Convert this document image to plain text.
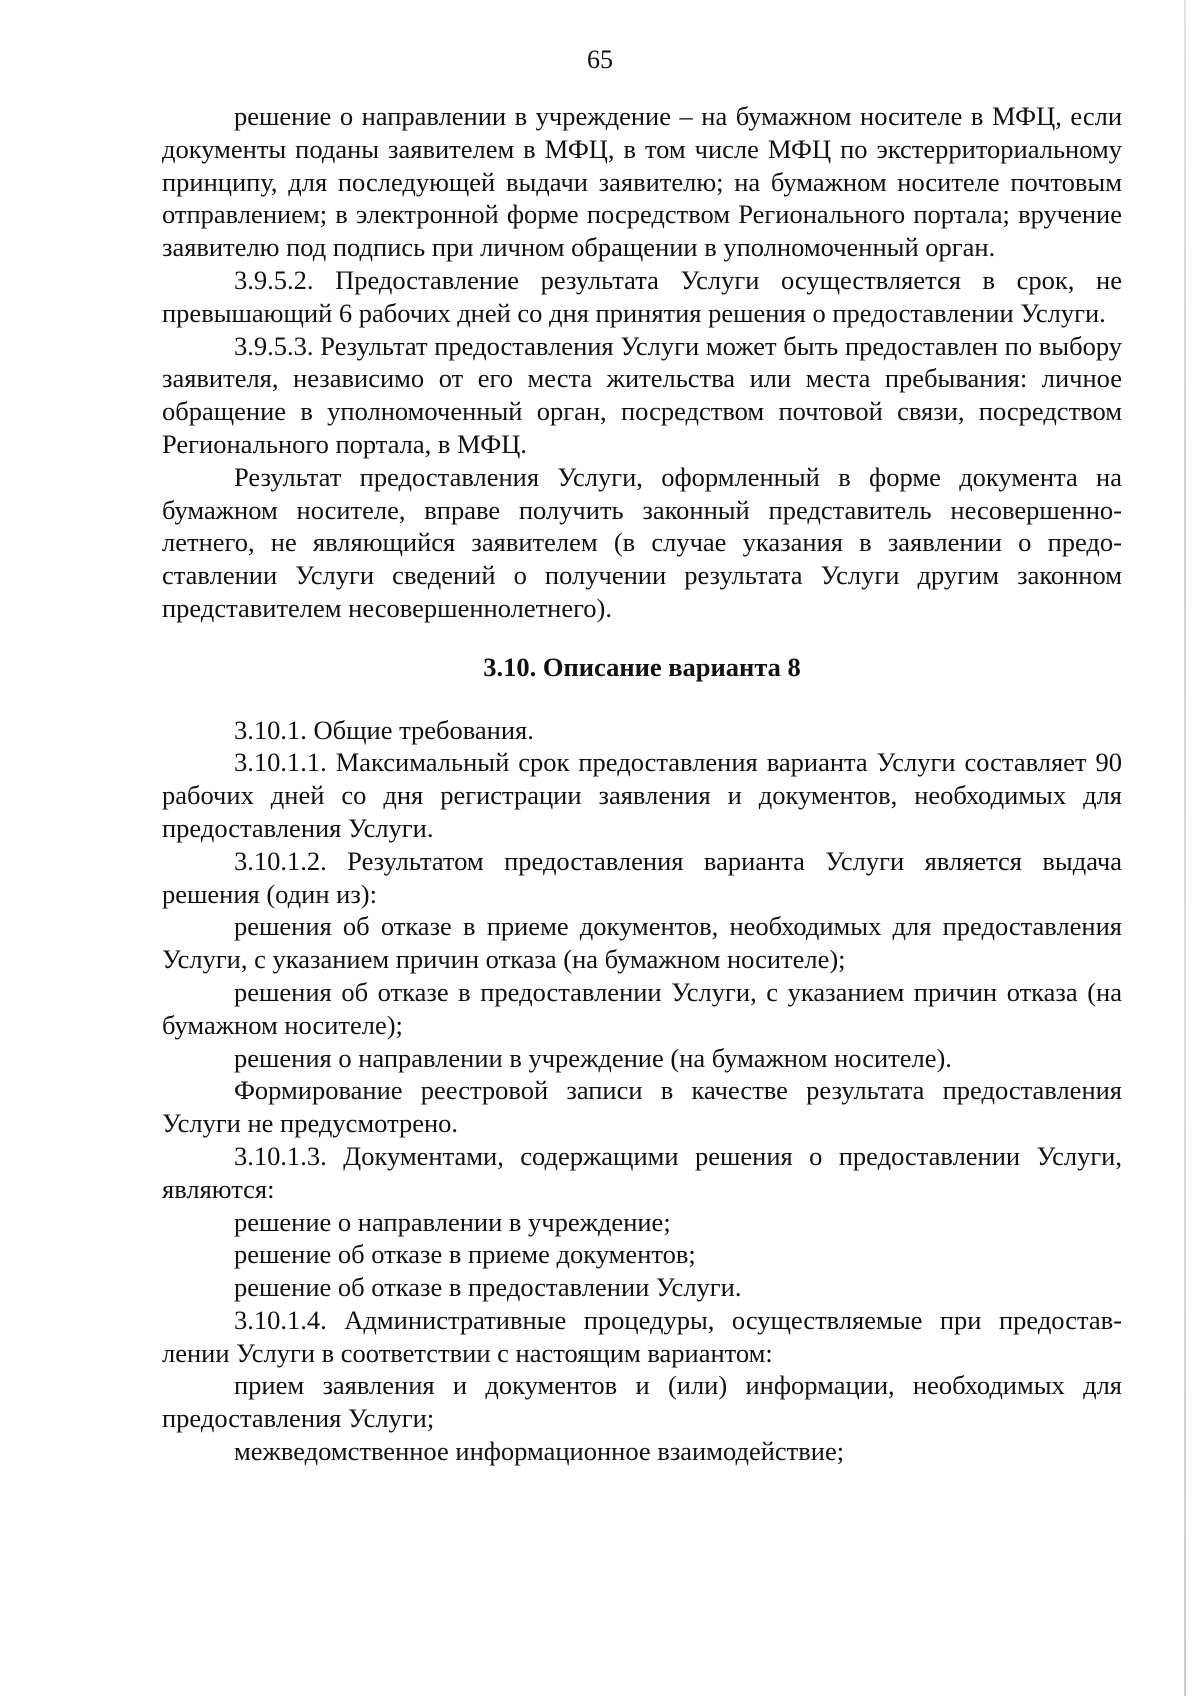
65

решение о направлении в учреждение – на бумажном носителе в МФЦ, если документы поданы заявителем в МФЦ, в том числе МФЦ по экстерриториальному принципу, для последующей выдачи заявителю; на бумажном носителе почтовым отправлением; в электронной форме посредством Регионального портала; вручение заявителю под подпись при личном обращении в уполномоченный орган.

3.9.5.2. Предоставление результата Услуги осуществляется в срок, не превышающий 6 рабочих дней со дня принятия решения о предоставлении Услуги.

3.9.5.3. Результат предоставления Услуги может быть предоставлен по выбору заявителя, независимо от его места жительства или места пребывания: личное обращение в уполномоченный орган, посредством почтовой связи, посредством Регионального портала, в МФЦ.

Результат предоставления Услуги, оформленный в форме документа на бумажном носителе, вправе получить законный представитель несовершеннолетнего, не являющийся заявителем (в случае указания в заявлении о предоставлении Услуги сведений о получении результата Услуги другим законном представителем несовершеннолетнего).

3.10. Описание варианта 8

3.10.1. Общие требования.

3.10.1.1. Максимальный срок предоставления варианта Услуги составляет 90 рабочих дней со дня регистрации заявления и документов, необходимых для предоставления Услуги.

3.10.1.2. Результатом предоставления варианта Услуги является выдача решения (один из):

решения об отказе в приеме документов, необходимых для предоставления Услуги, с указанием причин отказа (на бумажном носителе);

решения об отказе в предоставлении Услуги, с указанием причин отказа (на бумажном носителе);

решения о направлении в учреждение (на бумажном носителе).

Формирование реестровой записи в качестве результата предоставления Услуги не предусмотрено.

3.10.1.3. Документами, содержащими решения о предоставлении Услуги, являются:

решение о направлении в учреждение;

решение об отказе в приеме документов;

решение об отказе в предоставлении Услуги.

3.10.1.4. Административные процедуры, осуществляемые при предоставлении Услуги в соответствии с настоящим вариантом:

прием заявления и документов и (или) информации, необходимых для предоставления Услуги;

межведомственное информационное взаимодействие;
